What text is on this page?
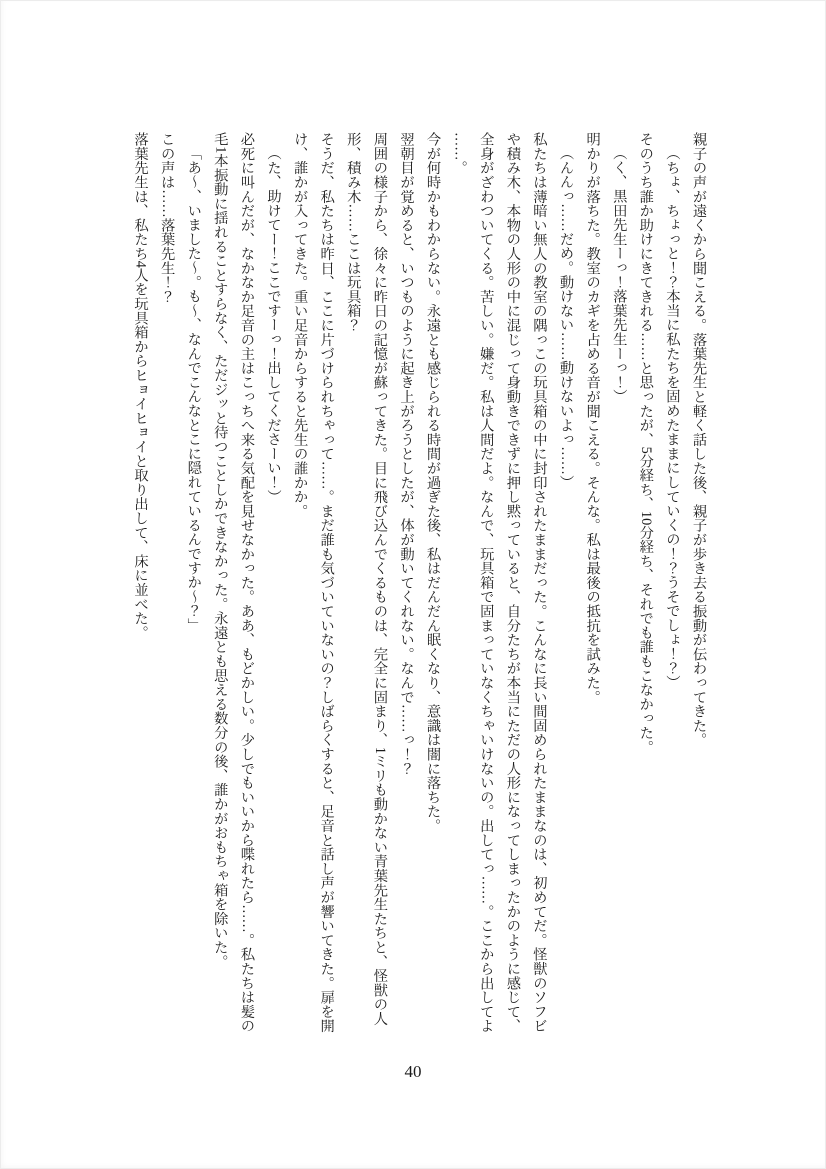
親子の声が遠くから聞こえる。落葉先生と軽く話した後、親子が歩き去る振動が伝わってきた。
（ちょ、ちょっと！？本当に私たちを固めたままにしていくの！？うそでしょ！？）
そのうち誰か助けにきてきれる……と思ったが、5分経ち、10分経ち、それでも誰もこなかった。
（く、黒田先生ーっ！落葉先生ーっ！）
明かりが落ちた。教室のカギを占める音が聞こえる。そんな。私は最後の抵抗を試みた。
（んんっ……だめ。動けない……動けないよっ……）
私たちは薄暗い無人の教室の隅っこの玩具箱の中に封印されたままだった。こんなに長い間固められたままなのは、初めてだ。怪獣のソフビ
や積み木、本物の人形の中に混じって身動きできずに押し黙っていると、自分たちが本当にただの人形になってしまったかのように感じて、
全身がざわついてくる。苦しい。嫌だ。私は人間だよ。なんで、玩具箱で固まっていなくちゃいけないの。出してっ……。ここから出してよ
……。
今が何時かもわからない。永遠とも感じられる時間が過ぎた後、私はだんだん眠くなり、意識は闇に落ちた。
翌朝目が覚めると、いつものように起き上がろうとしたが、体が動いてくれない。なんで……っ！？
周囲の様子から、徐々に昨日の記憶が蘇ってきた。目に飛び込んでくるものは、完全に固まり、1ミリも動かない青葉先生たちと、怪獣の人
形、積み木……ここは玩具箱？
そうだ、私たちは昨日、ここに片づけられちゃって……。まだ誰も気づいていないの？しばらくすると、足音と話し声が響いてきた。扉を開
け、誰かが入ってきた。重い足音からすると先生の誰かか。
（た、助けてー！ここですーっ！出してくださーい！）
必死に叫んだが、なかなか足音の主はこっちへ来る気配を見せなかった。ああ、もどかしい。少しでもいいから喋れたら……。私たちは髪の
毛1本振動に揺れることすらなく、ただジッと待つことしかできなかった。永遠とも思える数分の後、誰かがおもちゃ箱を除いた。
「あ〜、いました〜。も〜、なんでこんなとこに隠れているんですか〜？」
この声は……落葉先生！？
落葉先生は、私たち4人を玩具箱からヒョイヒョイと取り出して、床に並べた。
40
